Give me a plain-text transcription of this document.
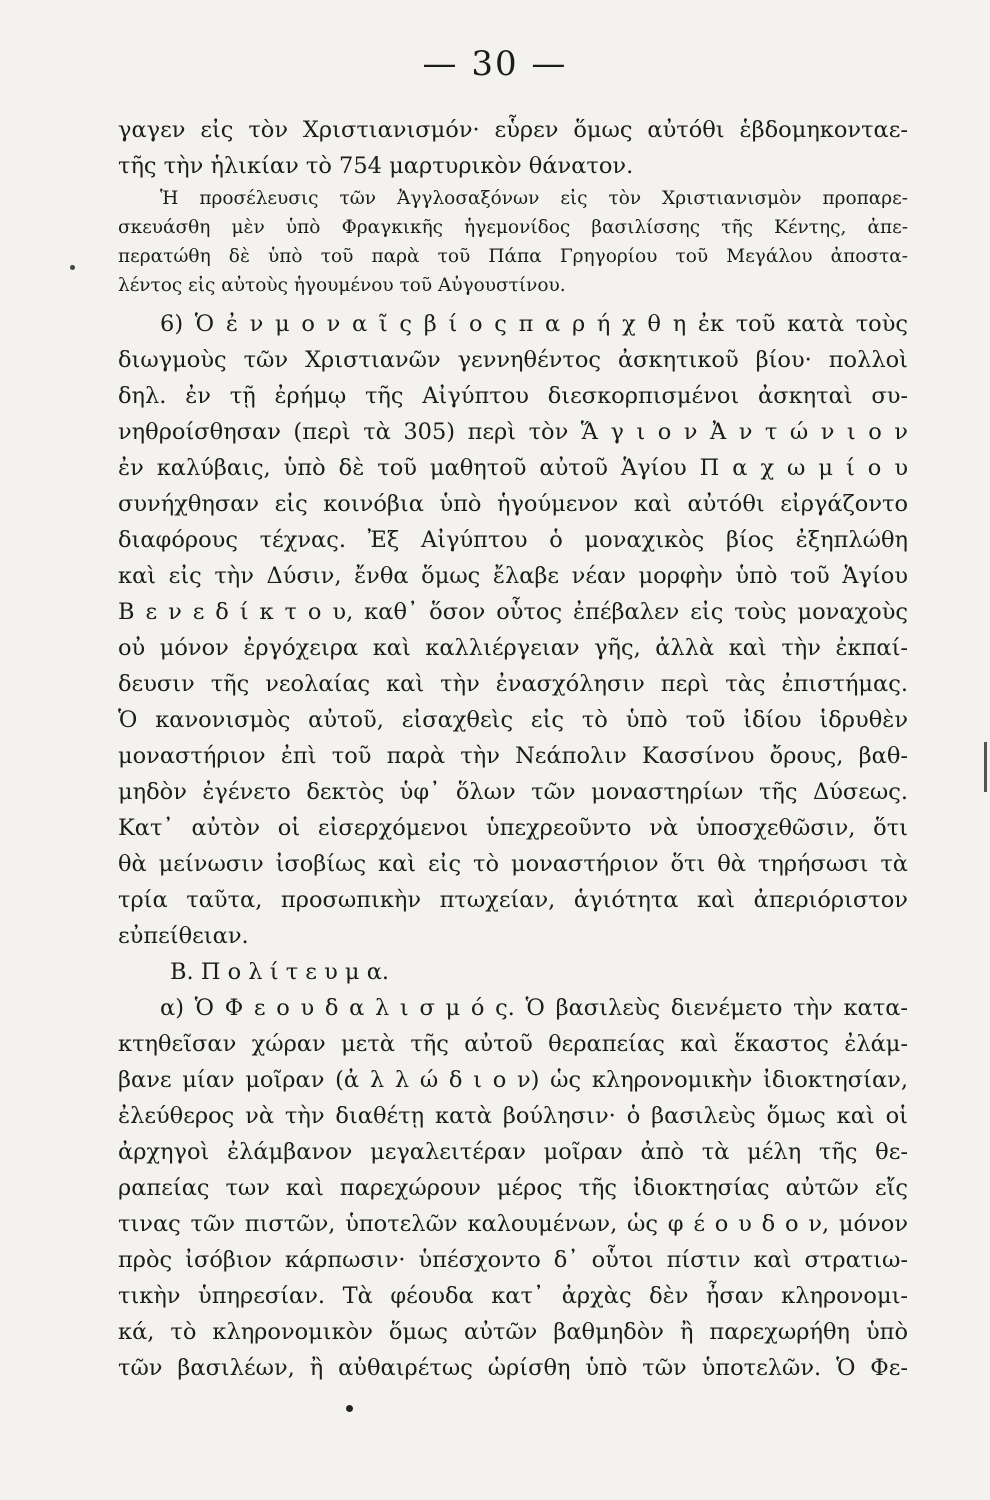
— 30 —
γαγεν εἰς τὸν Χριστιανισμόν· εὗρεν ὅμως αὐτόθι ἑβδομηκονταε-
τῆς τὴν ἡλικίαν τὸ 754 μαρτυρικὸν θάνατον.
Ἡ προσέλευσις τῶν Ἀγγλοσαξόνων εἰς τὸν Χριστιανισμὸν προπαρε-
σκευάσθη μὲν ὑπὸ Φραγκικῆς ἡγεμονίδος βασιλίσσης τῆς Κέντης, ἀπε-
περατώθη δὲ ὑπὸ τοῦ παρὰ τοῦ Πάπα Γρηγορίου τοῦ Μεγάλου ἀποστα-
λέντος εἰς αὐτοὺς ἡγουμένου τοῦ Αὐγουστίνου.
6) Ὁ ἐ ν μ ο ν α ῖ ς β ί ο ς π α ρ ή χ θ η ἐκ τοῦ κατὰ τοὺς
διωγμοὺς τῶν Χριστιανῶν γεννηθέντος ἀσκητικοῦ βίου· πολλοὶ
δηλ. ἐν τῇ ἐρήμῳ τῆς Αἰγύπτου διεσκορπισμένοι ἀσκηταὶ συ-
νηθροίσθησαν (περὶ τὰ 305) περὶ τὸν Ἅ γ ι ο ν Ἀ ν τ ώ ν ι ο ν
ἐν καλύβαις, ὑπὸ δὲ τοῦ μαθητοῦ αὐτοῦ Ἁγίου Π α χ ω μ ί ο υ
συνήχθησαν εἰς κοινόβια ὑπὸ ἡγούμενον καὶ αὐτόθι εἰργάζοντο
διαφόρους τέχνας. Ἐξ Αἰγύπτου ὁ μοναχικὸς βίος ἐξηπλώθη
καὶ εἰς τὴν Δύσιν, ἔνθα ὅμως ἔλαβε νέαν μορφὴν ὑπὸ τοῦ Ἁγίου
Β ε ν ε δ ί κ τ ο υ, καθ᾽ ὅσον οὗτος ἐπέβαλεν εἰς τοὺς μοναχοὺς
οὐ μόνον ἐργόχειρα καὶ καλλιέργειαν γῆς, ἀλλὰ καὶ τὴν ἐκπαί-
δευσιν τῆς νεολαίας καὶ τὴν ἐνασχόλησιν περὶ τὰς ἐπιστήμας.
Ὁ κανονισμὸς αὐτοῦ, εἰσαχθεὶς εἰς τὸ ὑπὸ τοῦ ἰδίου ἱδρυθὲν
μοναστήριον ἐπὶ τοῦ παρὰ τὴν Νεάπολιν Κασσίνου ὄρους, βαθ-
μηδὸν ἐγένετο δεκτὸς ὑφ᾽ ὅλων τῶν μοναστηρίων τῆς Δύσεως.
Κατ᾽ αὐτὸν οἱ εἰσερχόμενοι ὑπεχρεοῦντο νὰ ὑποσχεθῶσιν, ὅτι
θὰ μείνωσιν ἰσοβίως καὶ εἰς τὸ μοναστήριον ὅτι θὰ τηρήσωσι τὰ
τρία ταῦτα, προσωπικὴν πτωχείαν, ἁγιότητα καὶ ἀπεριόριστον
εὐπείθειαν.
Β. Π ο λ ί τ ε υ μ α.
α) Ὁ Φ ε ο υ δ α λ ι σ μ ό ς. Ὁ βασιλεὺς διενέμετο τὴν κατα-
κτηθεῖσαν χώραν μετὰ τῆς αὐτοῦ θεραπείας καὶ ἕκαστος ἐλάμ-
βανε μίαν μοῖραν (ἀ λ λ ώ δ ι ο ν) ὡς κληρονομικὴν ἰδιοκτησίαν,
ἐλεύθερος νὰ τὴν διαθέτῃ κατὰ βούλησιν· ὁ βασιλεὺς ὅμως καὶ οἱ
ἀρχηγοὶ ἐλάμβανον μεγαλειτέραν μοῖραν ἀπὸ τὰ μέλη τῆς θε-
ραπείας των καὶ παρεχώρουν μέρος τῆς ἰδιοκτησίας αὐτῶν εἴς
τινας τῶν πιστῶν, ὑποτελῶν καλουμένων, ὡς φ έ ο υ δ ο ν, μόνον
πρὸς ἰσόβιον κάρπωσιν· ὑπέσχοντο δ᾽ οὗτοι πίστιν καὶ στρατιω-
τικὴν ὑπηρεσίαν. Τὰ φέουδα κατ᾽ ἀρχὰς δὲν ἦσαν κληρονομι-
κά, τὸ κληρονομικὸν ὅμως αὐτῶν βαθμηδὸν ἢ παρεχωρήθη ὑπὸ
τῶν βασιλέων, ἢ αὐθαιρέτως ὡρίσθη ὑπὸ τῶν ὑποτελῶν. Ὁ Φε-
